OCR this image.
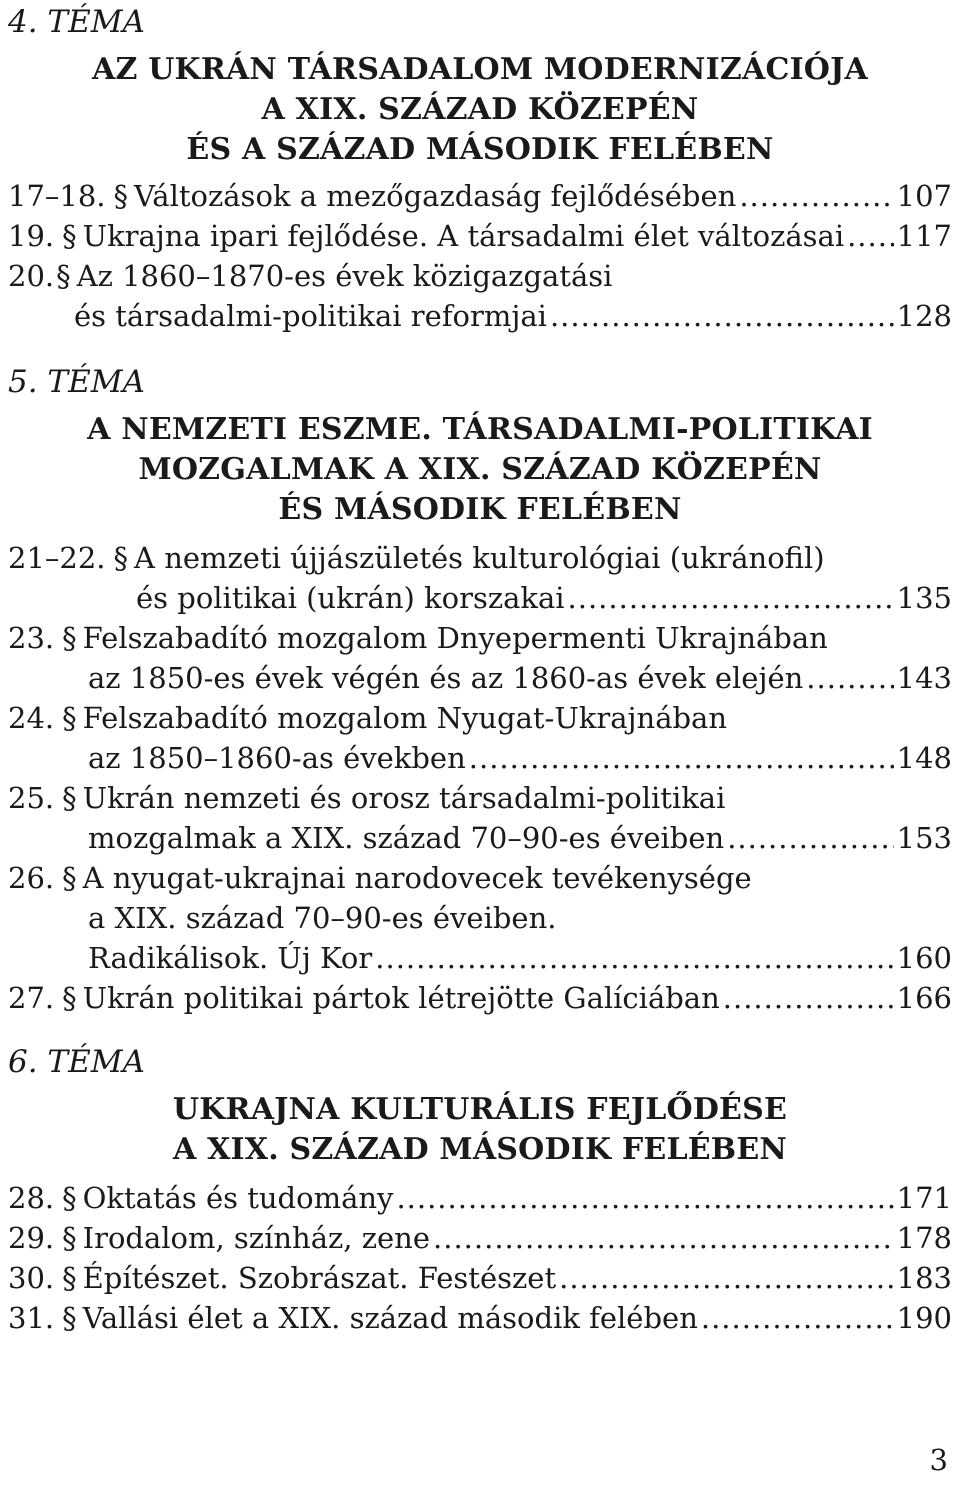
4. TÉMA
AZ UKRÁN TÁRSADALOM MODERNIZÁCIÓJA
A XIX. SZÁZAD KÖZEPÉN
ÉS A SZÁZAD MÁSODIK FELÉBEN
17–18. § Változások a mezőgazdaság fejlődésében .....	107
19. § Ukrajna ipari fejlődése. A társadalmi élet változásai ..... 117
20. § Az 1860–1870-es évek közigazgatási
és társadalmi-politikai reformjai .....	128
5. TÉMA
A NEMZETI ESZME. TÁRSADALMI-POLITIKAI
MOZGALMAK A XIX. SZÁZAD KÖZEPÉN
ÉS MÁSODIK FELÉBEN
21–22. § A nemzeti újjászületés kulturológiai (ukránofil)
és politikai (ukrán) korszakai .....	135
23. § Felszabadító mozgalom Dnyepermenti Ukrajnában
az 1850-es évek végén és az 1860-as évek elején .....	143
24. § Felszabadító mozgalom Nyugat-Ukrajnában
az 1850–1860-as években .....	148
25. § Ukrán nemzeti és orosz társadalmi-politikai
mozgalmak a XIX. század 70–90-es éveiben .....	153
26. § A nyugat-ukrajnai narodovecek tevékenysége
a XIX. század 70–90-es éveiben.
Radikálisok. Új Kor .....	160
27. § Ukrán politikai pártok létrejötte Galíciában .....	166
6. TÉMA
UKRAJNA KULTURÁLIS FEJLŐDÉSE
A XIX. SZÁZAD MÁSODIK FELÉBEN
28. § Oktatás és tudomány .....	171
29. § Irodalom, színház, zene .....	178
30. § Építészet. Szobrászat. Festészet .....	183
31. § Vallási élet a XIX. század második felében .....	190
3
